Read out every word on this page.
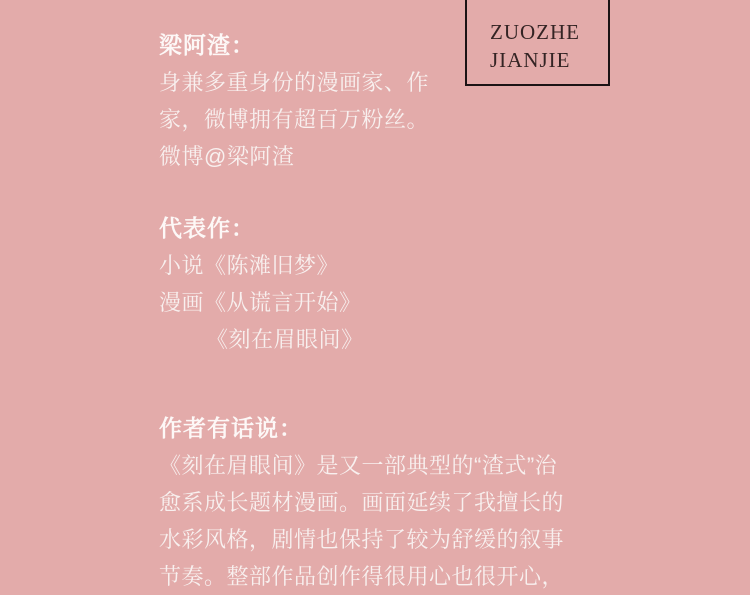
ZUOZHE
JIANJIE
梁阿渣：
身兼多重身份的漫画家、作
家，微博拥有超百万粉丝。
微博@梁阿渣
代表作：
小说《陈滩旧梦》
漫画《从谎言开始》
《刻在眉眼间》
作者有话说：
《刻在眉眼间》是又一部典型的“渣式”治
愈系成长题材漫画。画面延续了我擅长的
水彩风格，剧情也保持了较为舒缓的叙事
节奏。整部作品创作得很用心也很开心，
